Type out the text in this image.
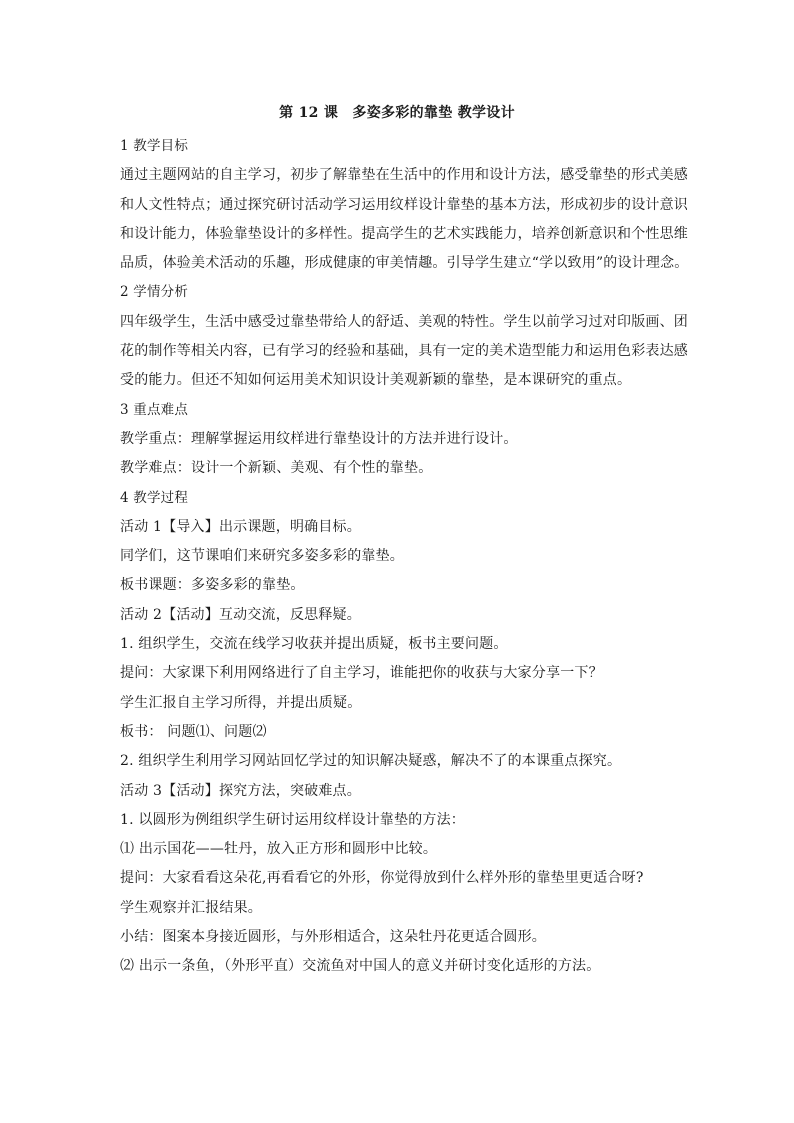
第 12 课　多姿多彩的靠垫 教学设计
1 教学目标
通过主题网站的自主学习，初步了解靠垫在生活中的作用和设计方法，感受靠垫的形式美感
和人文性特点；通过探究研讨活动学习运用纹样设计靠垫的基本方法，形成初步的设计意识
和设计能力，体验靠垫设计的多样性。提高学生的艺术实践能力，培养创新意识和个性思维
品质，体验美术活动的乐趣，形成健康的审美情趣。引导学生建立“学以致用”的设计理念。
2 学情分析
四年级学生，生活中感受过靠垫带给人的舒适、美观的特性。学生以前学习过对印版画、团
花的制作等相关内容，已有学习的经验和基础，具有一定的美术造型能力和运用色彩表达感
受的能力。但还不知如何运用美术知识设计美观新颖的靠垫，是本课研究的重点。
3 重点难点
教学重点：理解掌握运用纹样进行靠垫设计的方法并进行设计。
教学难点：设计一个新颖、美观、有个性的靠垫。
4 教学过程
活动 1【导入】出示课题，明确目标。
同学们，这节课咱们来研究多姿多彩的靠垫。
板书课题：多姿多彩的靠垫。
活动 2【活动】互动交流，反思释疑。
1. 组织学生，交流在线学习收获并提出质疑，板书主要问题。
提问：大家课下利用网络进行了自主学习，谁能把你的收获与大家分享一下？
学生汇报自主学习所得，并提出质疑。
板书： 问题⑴、问题⑵
2. 组织学生利用学习网站回忆学过的知识解决疑惑，解决不了的本课重点探究。
活动 3【活动】探究方法，突破难点。
1. 以圆形为例组织学生研讨运用纹样设计靠垫的方法：
⑴ 出示国花——牡丹，放入正方形和圆形中比较。
提问：大家看看这朵花,再看看它的外形，你觉得放到什么样外形的靠垫里更适合呀?
学生观察并汇报结果。
小结：图案本身接近圆形，与外形相适合，这朵牡丹花更适合圆形。
⑵ 出示一条鱼，（外形平直）交流鱼对中国人的意义并研讨变化适形的方法。
